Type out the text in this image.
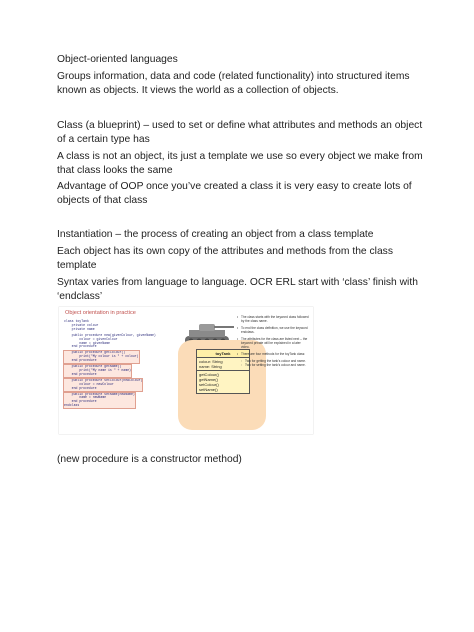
Object-oriented languages

Groups information, data and code (related functionality) into structured items known as objects. It views the world as a collection of objects.

Class (a blueprint) – used to set or define what attributes and methods an object of a certain type has

A class is not an object, its just a template we use so every object we make from that class looks the same

Advantage of OOP once you’ve created a class it is very easy to create lots of objects of that class

Instantiation – the process of creating an object from a class template

Each object has its own copy of the attributes and methods from the class template

Syntax varies from language to language. OCR ERL start with ‘class’ finish with ‘endclass’

Object orientation in practice
class toyTank
private colour
private name
public procedure new(givenColour, givenName)
colour = givenColour
name = givenName
end procedure
public procedure getColour()
print("My colour is " + colour)
end procedure
public procedure getName()
print("My name is " + name)
end procedure
public procedure setColour(newColour)
colour = newColour
end procedure
public procedure setName(newName)
name = newName
end procedure
endclass
toyTank
colour: String
name: String
getColour()
getName()
setColour()
setName()
• The class starts with the keyword class followed by the class name.
• To end the class definition, we use the keyword endclass.
• The attributes for the class are listed next – the keyword private will be explained in a later video.
• There are four methods for the toyTank class:
◦ Two for getting the tank’s colour and name.
◦ Two for setting the tank’s colour and name.

(new procedure is a constructor method)
